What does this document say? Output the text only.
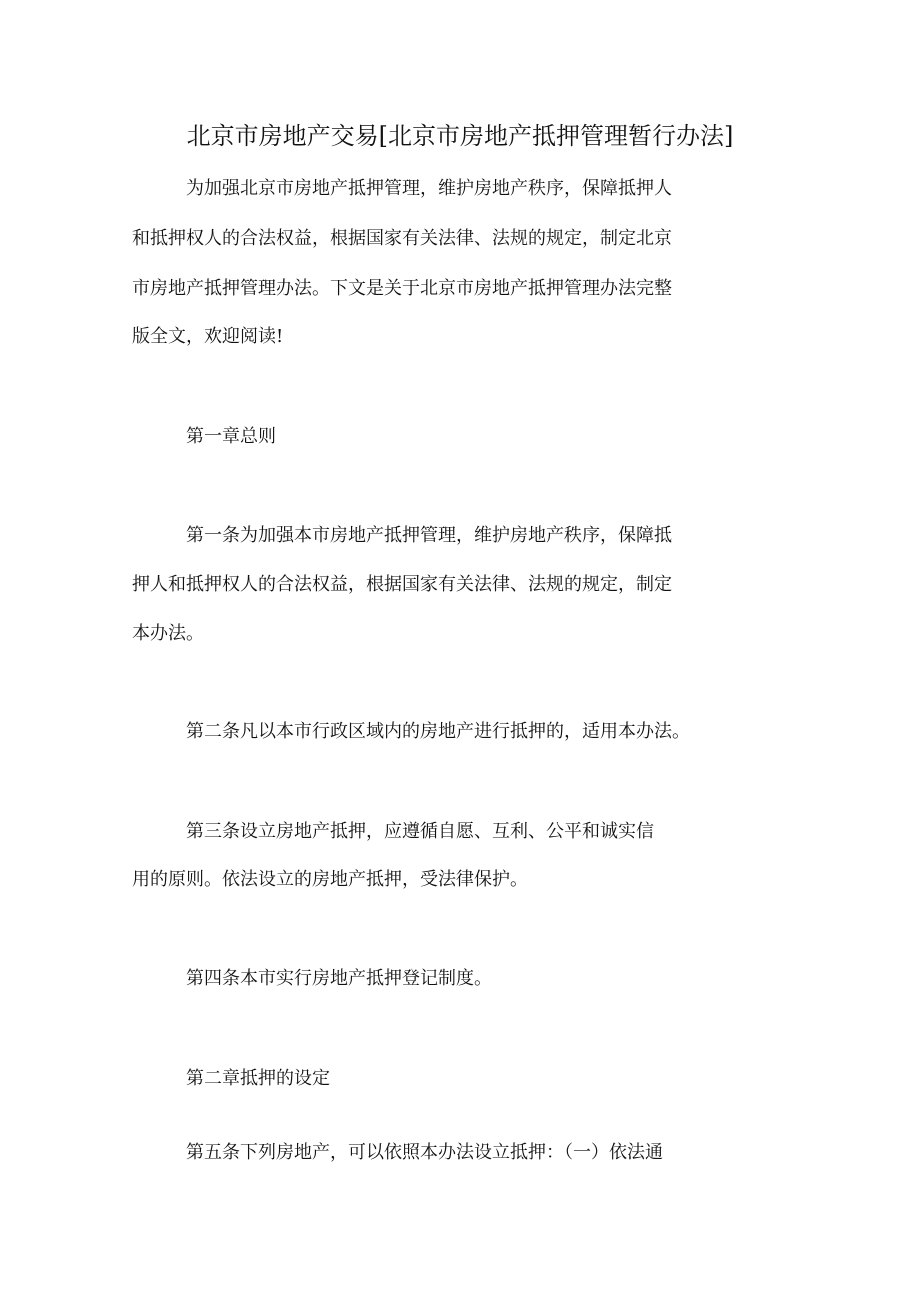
北京市房地产交易[北京市房地产抵押管理暂行办法]
为加强北京市房地产抵押管理，维护房地产秩序，保障抵押人
和抵押权人的合法权益，根据国家有关法律、法规的规定，制定北京
市房地产抵押管理办法。下文是关于北京市房地产抵押管理办法完整
版全文，欢迎阅读!
第一章总则
第一条为加强本市房地产抵押管理，维护房地产秩序，保障抵
押人和抵押权人的合法权益，根据国家有关法律、法规的规定，制定
本办法。
第二条凡以本市行政区域内的房地产进行抵押的，适用本办法。
第三条设立房地产抵押，应遵循自愿、互利、公平和诚实信
用的原则。依法设立的房地产抵押，受法律保护。
第四条本市实行房地产抵押登记制度。
第二章抵押的设定
第五条下列房地产，可以依照本办法设立抵押：（一）依法通
